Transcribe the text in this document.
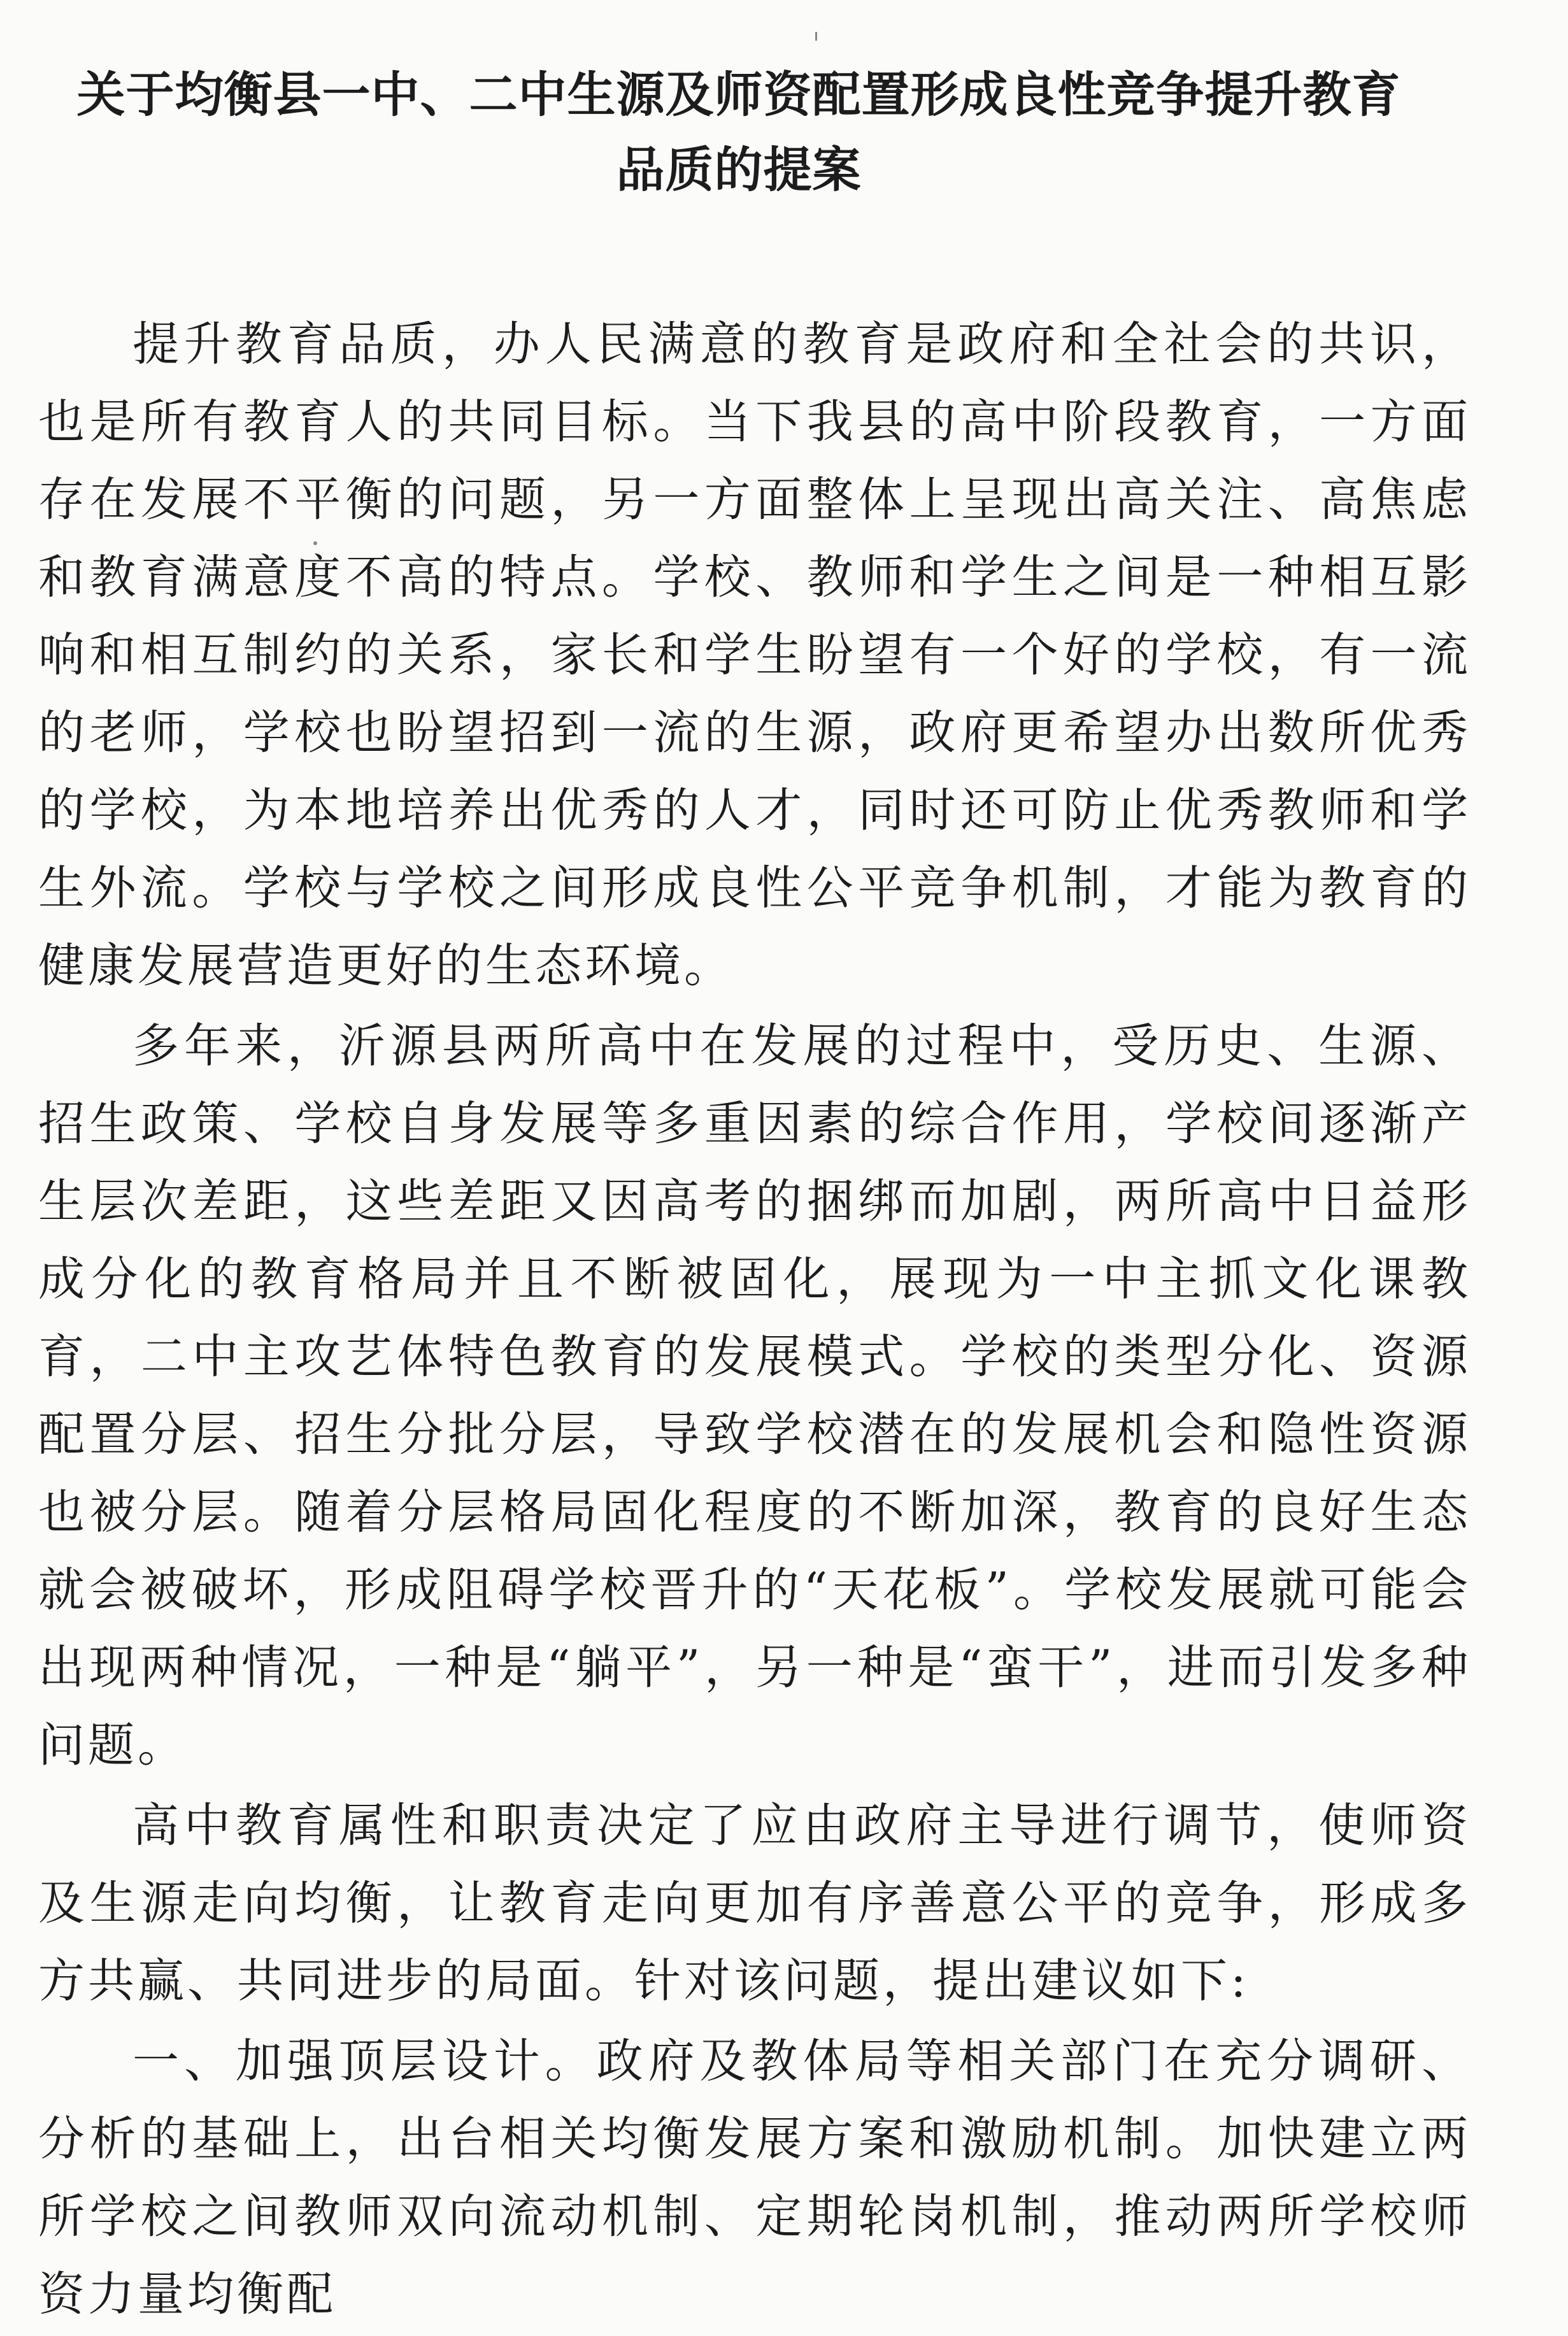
关于均衡县一中、二中生源及师资配置形成良性竞争提升教育
品质的提案

提升教育品质，办人民满意的教育是政府和全社会的共识，也是所有教育人的共同目标。当下我县的高中阶段教育，一方面存在发展不平衡的问题，另一方面整体上呈现出高关注、高焦虑和教育满意度不高的特点。学校、教师和学生之间是一种相互影响和相互制约的关系，家长和学生盼望有一个好的学校，有一流的老师，学校也盼望招到一流的生源，政府更希望办出数所优秀的学校，为本地培养出优秀的人才，同时还可防止优秀教师和学生外流。学校与学校之间形成良性公平竞争机制，才能为教育的健康发展营造更好的生态环境。

多年来，沂源县两所高中在发展的过程中，受历史、生源、招生政策、学校自身发展等多重因素的综合作用，学校间逐渐产生层次差距，这些差距又因高考的捆绑而加剧，两所高中日益形成分化的教育格局并且不断被固化，展现为一中主抓文化课教育，二中主攻艺体特色教育的发展模式。学校的类型分化、资源配置分层、招生分批分层，导致学校潜在的发展机会和隐性资源也被分层。随着分层格局固化程度的不断加深，教育的良好生态就会被破坏，形成阻碍学校晋升的“天花板”。学校发展就可能会出现两种情况，一种是“躺平”，另一种是“蛮干”，进而引发多种问题。

高中教育属性和职责决定了应由政府主导进行调节，使师资及生源走向均衡，让教育走向更加有序善意公平的竞争，形成多方共赢、共同进步的局面。针对该问题，提出建议如下:

一、加强顶层设计。政府及教体局等相关部门在充分调研、分析的基础上，出台相关均衡发展方案和激励机制。加快建立两所学校之间教师双向流动机制、定期轮岗机制，推动两所学校师资力量均衡配
